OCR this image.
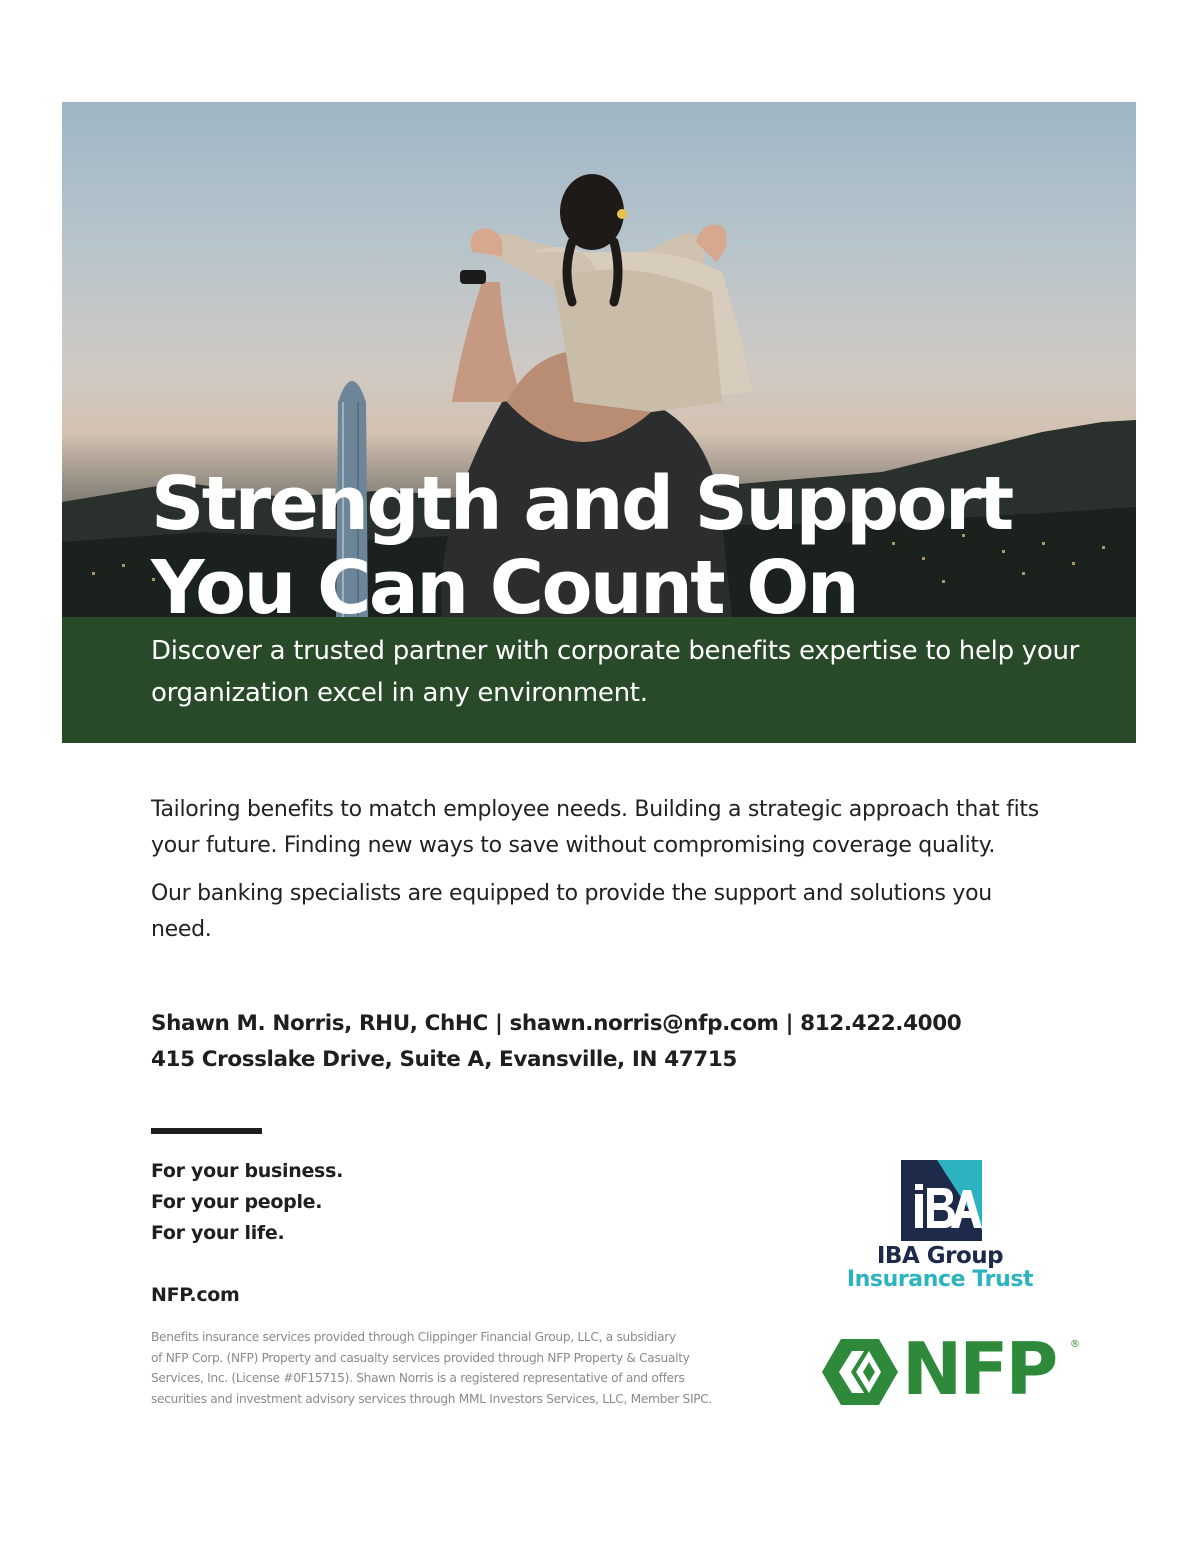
Strength and Support
You Can Count On

Discover a trusted partner with corporate benefits expertise to help your organization excel in any environment.

Tailoring benefits to match employee needs. Building a strategic approach that fits your future. Finding new ways to save without compromising coverage quality.

Our banking specialists are equipped to provide the support and solutions you need.

Shawn M. Norris, RHU, ChHC | shawn.norris@nfp.com | 812.422.4000
415 Crosslake Drive, Suite A, Evansville, IN 47715
For your business.
For your people.
For your life.
NFP.com
Benefits insurance services provided through Clippinger Financial Group, LLC, a subsidiary
of NFP Corp. (NFP) Property and casualty services provided through NFP Property & Casualty
Services, Inc. (License #0F15715). Shawn Norris is a registered representative of and offers
securities and investment advisory services through MML Investors Services, LLC, Member SIPC.
IBA Group
Insurance Trust
NFP ®
